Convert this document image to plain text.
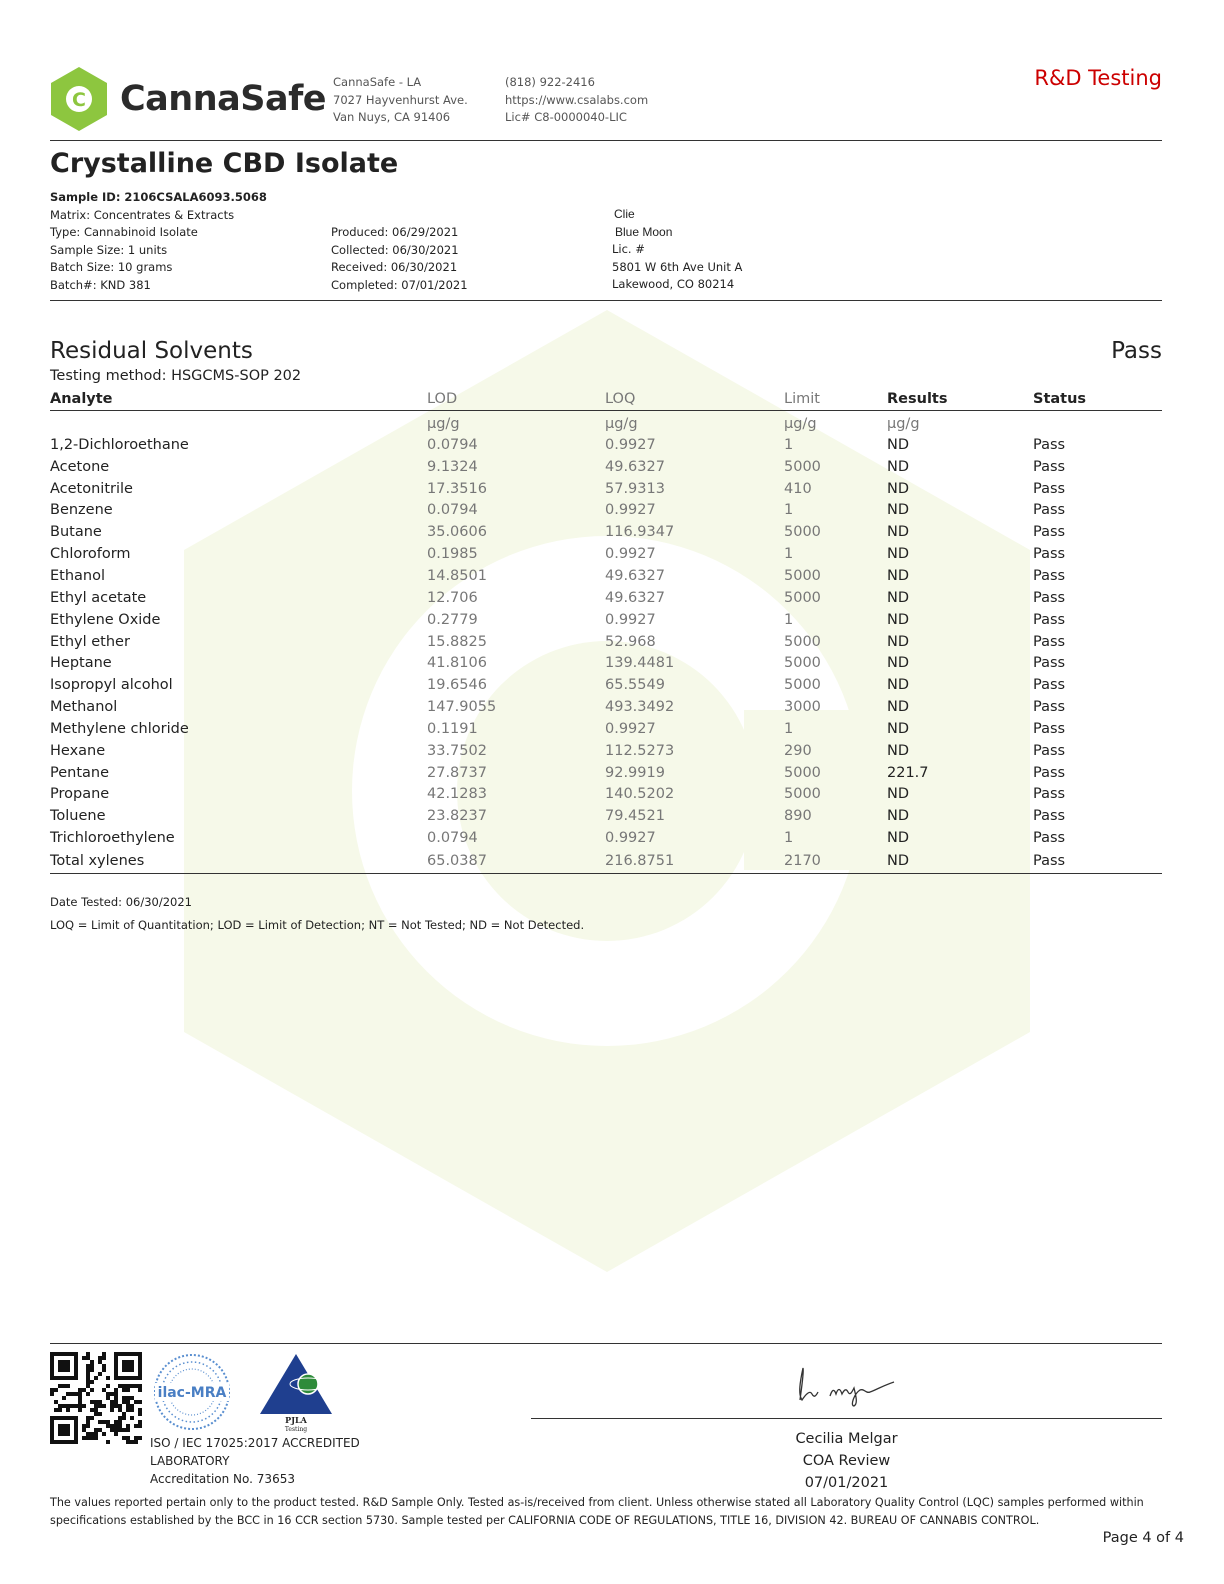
C CannaSafe CannaSafe - LA
7027 Hayvenhurst Ave.
Van Nuys, CA 91406
(818) 922-2416
https://www.csalabs.com
Lic# C8-0000040-LIC
R&D Testing
Crystalline CBD Isolate
Sample ID: 2106CSALA6093.5068
Matrix: Concentrates & Extracts
Type: Cannabinoid Isolate
Sample Size: 1 units
Batch Size: 10 grams
Batch#: KND 381
Produced: 06/29/2021
Collected: 06/30/2021
Received: 06/30/2021
Completed: 07/01/2021
Clie
Blue Moon
Lic. #
5801 W 6th Ave Unit A
Lakewood, CO 80214
Residual Solvents	Pass
Testing method: HSGCMS-SOP 202
Analyte	LOD	LOQ	Limit	Results	Status
	µg/g	µg/g	µg/g	µg/g	
1,2-Dichloroethane	0.0794	0.9927	1	ND	Pass
Acetone	9.1324	49.6327	5000	ND	Pass
Acetonitrile	17.3516	57.9313	410	ND	Pass
Benzene	0.0794	0.9927	1	ND	Pass
Butane	35.0606	116.9347	5000	ND	Pass
Chloroform	0.1985	0.9927	1	ND	Pass
Ethanol	14.8501	49.6327	5000	ND	Pass
Ethyl acetate	12.706	49.6327	5000	ND	Pass
Ethylene Oxide	0.2779	0.9927	1	ND	Pass
Ethyl ether	15.8825	52.968	5000	ND	Pass
Heptane	41.8106	139.4481	5000	ND	Pass
Isopropyl alcohol	19.6546	65.5549	5000	ND	Pass
Methanol	147.9055	493.3492	3000	ND	Pass
Methylene chloride	0.1191	0.9927	1	ND	Pass
Hexane	33.7502	112.5273	290	ND	Pass
Pentane	27.8737	92.9919	5000	221.7	Pass
Propane	42.1283	140.5202	5000	ND	Pass
Toluene	23.8237	79.4521	890	ND	Pass
Trichloroethylene	0.0794	0.9927	1	ND	Pass
Total xylenes	65.0387	216.8751	2170	ND	Pass
Date Tested: 06/30/2021
LOQ = Limit of Quantitation; LOD = Limit of Detection; NT = Not Tested; ND = Not Detected.
ilac-MRA
PJLA
Testing
ISO / IEC 17025:2017 ACCREDITED
LABORATORY
Accreditation No. 73653
Cecilia Melgar
COA Review
07/01/2021
The values reported pertain only to the product tested. R&D Sample Only. Tested as-is/received from client. Unless otherwise stated all Laboratory Quality Control (LQC) samples performed within specifications established by the BCC in 16 CCR section 5730. Sample tested per CALIFORNIA CODE OF REGULATIONS, TITLE 16, DIVISION 42. BUREAU OF CANNABIS CONTROL.
Page 4 of 4
